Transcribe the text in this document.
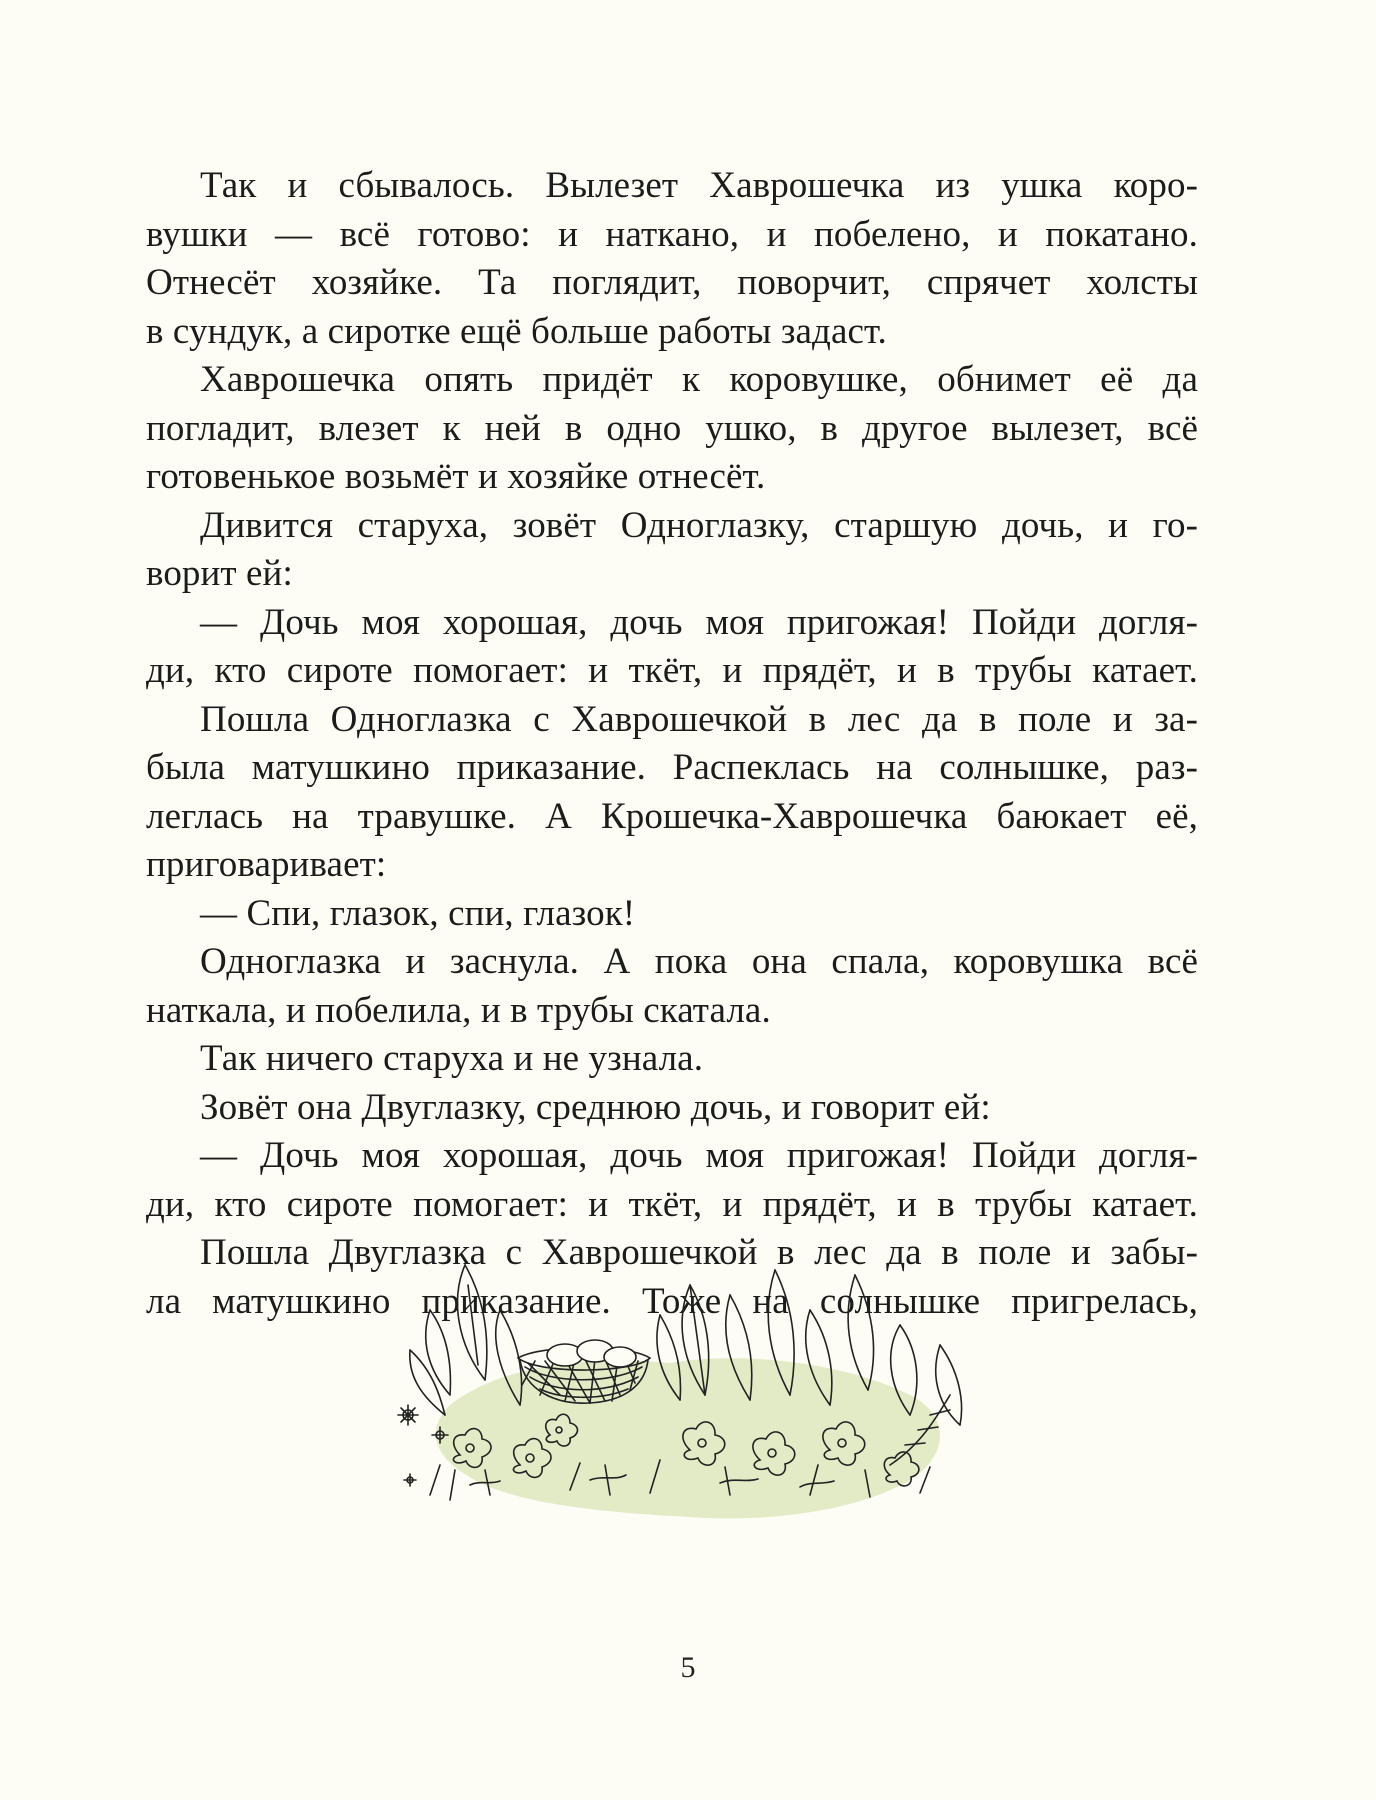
Так и сбывалось. Вылезет Хаврошечка из ушка коро-
вушки — всё готово: и наткано, и побелено, и покатано.
Отнесёт хозяйке. Та поглядит, поворчит, спрячет холсты
в сундук, а сиротке ещё больше работы задаст.
Хаврошечка опять придёт к коровушке, обнимет её да
погладит, влезет к ней в одно ушко, в другое вылезет, всё
готовенькое возьмёт и хозяйке отнесёт.
Дивится старуха, зовёт Одноглазку, старшую дочь, и го-
ворит ей:
— Дочь моя хорошая, дочь моя пригожая! Пойди догля-
ди, кто сироте помогает: и ткёт, и прядёт, и в трубы катает.
Пошла Одноглазка с Хаврошечкой в лес да в поле и за-
была матушкино приказание. Распеклась на солнышке, раз-
леглась на травушке. А Крошечка-Хаврошечка баюкает её,
приговаривает:
— Спи, глазок, спи, глазок!
Одноглазка и заснула. А пока она спала, коровушка всё
наткала, и побелила, и в трубы скатала.
Так ничего старуха и не узнала.
Зовёт она Двуглазку, среднюю дочь, и говорит ей:
— Дочь моя хорошая, дочь моя пригожая! Пойди догля-
ди, кто сироте помогает: и ткёт, и прядёт, и в трубы катает.
Пошла Двуглазка с Хаврошечкой в лес да в поле и забы-
ла матушкино приказание. Тоже на солнышке пригрелась,
5
